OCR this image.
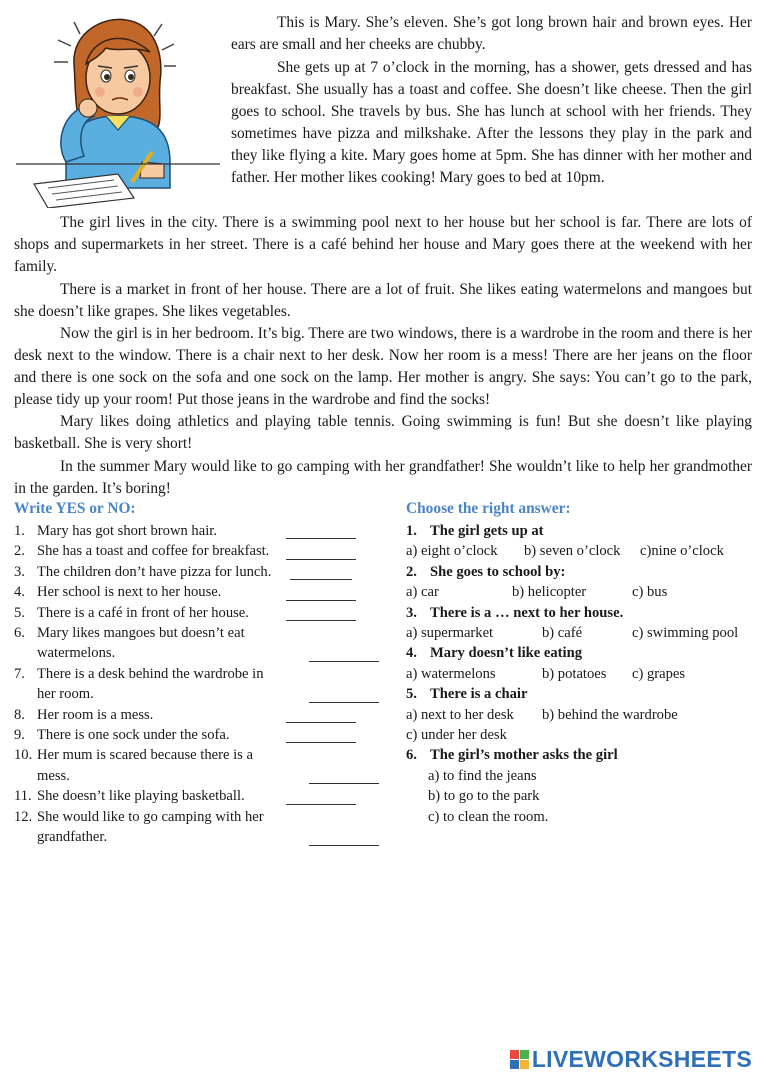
This is Mary. She’s eleven. She’s got long brown hair and brown eyes. Her ears are small and her cheeks are chubby.

She gets up at 7 o’clock in the morning, has a shower, gets dressed and has breakfast. She usually has a toast and coffee. She doesn’t like cheese. Then the girl goes to school. She travels by bus. She has lunch at school with her friends. They sometimes have pizza and milkshake. After the lessons they play in the park and they like flying a kite. Mary goes home at 5pm. She has dinner with her mother and father. Her mother likes cooking! Mary goes to bed at 10pm.

The girl lives in the city. There is a swimming pool next to her house but her school is far. There are lots of shops and supermarkets in her street. There is a café behind her house and Mary goes there at the weekend with her family.

There is a market in front of her house. There are a lot of fruit. She likes eating watermelons and mangoes but she doesn’t like grapes. She likes vegetables.

Now the girl is in her bedroom. It’s big. There are two windows, there is a wardrobe in the room and there is her desk next to the window. There is a chair next to her desk. Now her room is a mess! There are her jeans on the floor and there is one sock on the sofa and one sock on the lamp. Her mother is angry. She says: You can’t go to the park, please tidy up your room! Put those jeans in the wardrobe and find the socks!

Mary likes doing athletics and playing table tennis. Going swimming is fun! But she doesn’t like playing basketball. She is very short!

In the summer Mary would like to go camping with her grandfather! She wouldn’t like to help her grandmother in the garden. It’s boring!

Write YES or NO:	Choose the right answer:
1. Mary has got short brown hair.
2. She has a toast and coffee for breakfast.
3. The children don’t have pizza for lunch.
4. Her school is next to her house.
5. There is a café in front of her house.
6. Mary likes mangoes but doesn’t eat watermelons.
7. There is a desk behind the wardrobe in her room.
8. Her room is a mess.
9. There is one sock under the sofa.
10. Her mum is scared because there is a mess.
11. She doesn’t like playing basketball.
12. She would like to go camping with her grandfather.
1. The girl gets up at
a) eight o’clock	b) seven o’clock	c)nine o’clock
2. She goes to school by:
a) car	b) helicopter	c) bus
3. There is a … next to her house.
a) supermarket	b) café	c) swimming pool
4. Mary doesn’t like eating
a) watermelons	b) potatoes	c) grapes
5. There is a chair
a) next to her desk	b) behind the wardrobe
c) under her desk
6. The girl’s mother asks the girl
a) to find the jeans
b) to go to the park
c) to clean the room.
LIVEWORKSHEETS
